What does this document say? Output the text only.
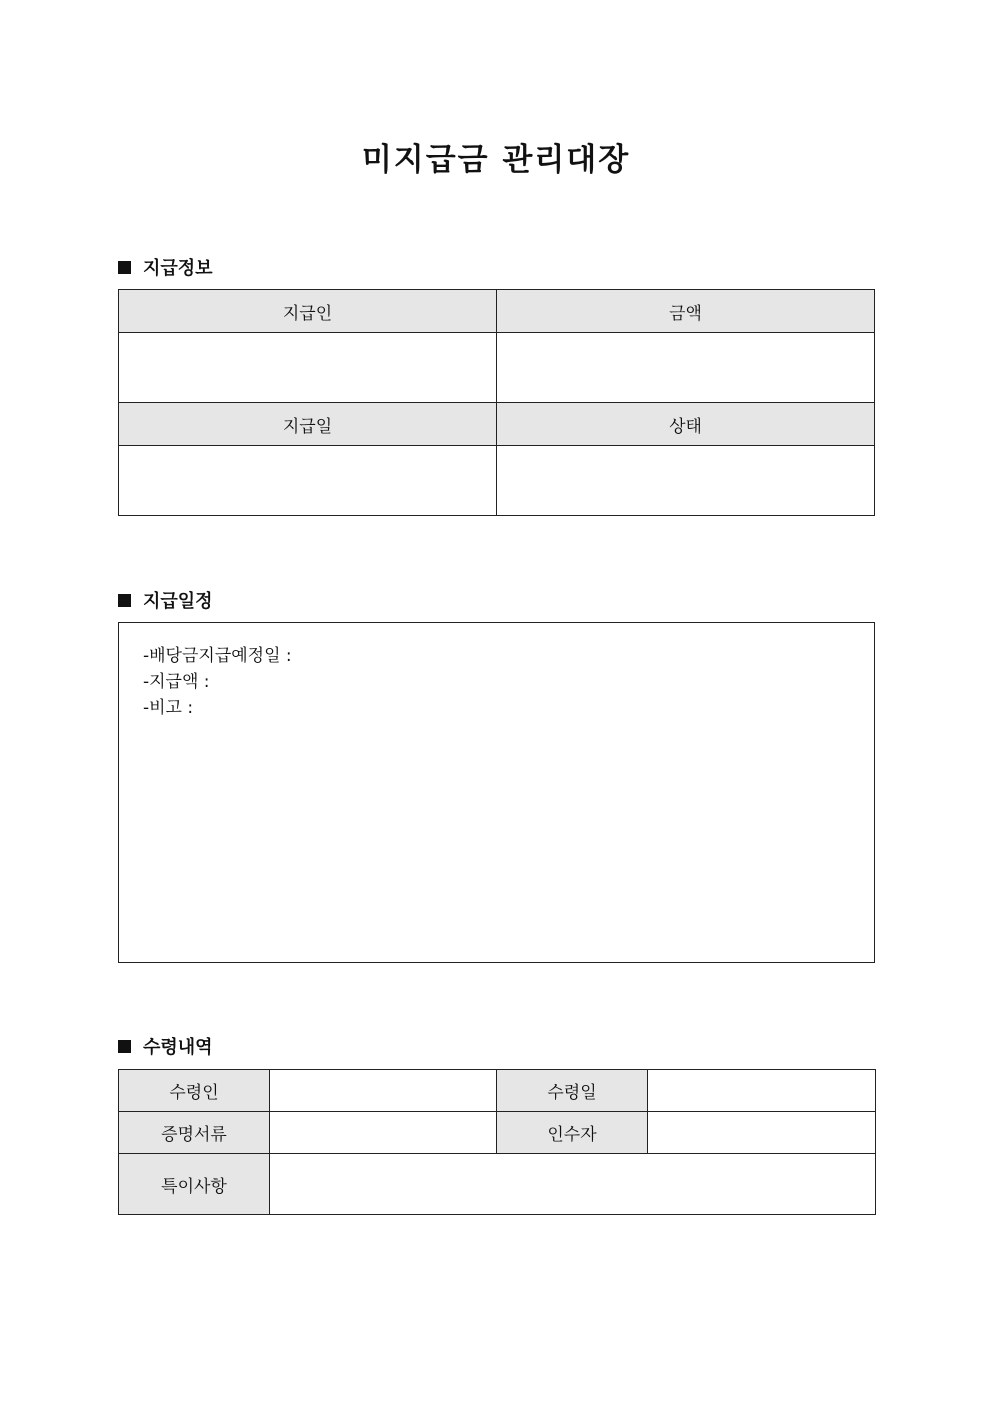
미지급금 관리대장
지급정보
지급인	금액

지급일	상태

지급일정
-배당금지급예정일 :
-지급액 :
-비고 :
수령내역
수령인		수령일	
증명서류		인수자	
특이사항			
